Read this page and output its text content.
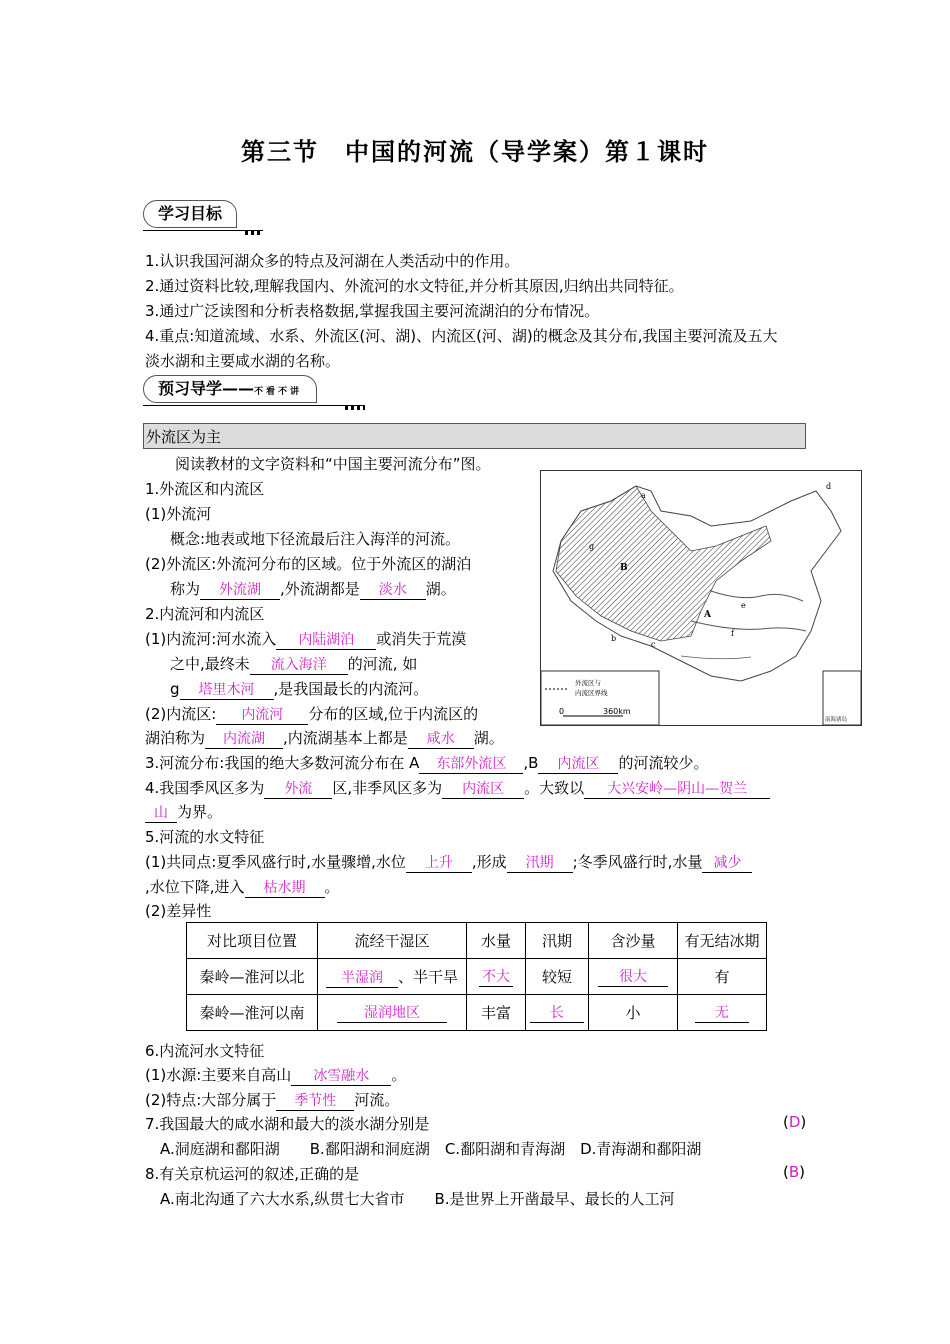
第三节　中国的河流（导学案）第１课时
学习目标
1.认识我国河湖众多的特点及河湖在人类活动中的作用。
2.通过资料比较,理解我国内、外流河的水文特征,并分析其原因,归纳出共同特征。
3.通过广泛读图和分析表格数据,掌握我国主要河流湖泊的分布情况。
4.重点:知道流域、水系、外流区(河、湖)、内流区(河、湖)的概念及其分布,我国主要河流及五大
淡水湖和主要咸水湖的名称。
预习导学——不看不讲
外流区为主
阅读教材的文字资料和“中国主要河流分布”图。
1.外流区和内流区
(1)外流河
概念:地表或地下径流最后注入海洋的河流。
(2)外流区:外流河分布的区域。位于外流区的湖泊
称为 外流湖 ,外流湖都是 淡水 湖。
2.内流河和内流区
(1)内流河:河水流入 内陆湖泊 或消失于荒漠
之中,最终未 流入海洋 的河流, 如
g 塔里木河 ,是我国最长的内流河。
(2)内流区: 内流河 分布的区域,位于内流区的
湖泊称为 内流湖 ,内流湖基本上都是 咸水 湖。
3.河流分布:我国的绝大多数河流分布在 A 东部外流区 ,B 内流区 的河流较少。
4.我国季风区多为 外流 区,非季风区多为 内流区 。大致以 大兴安岭—阴山—贺兰
山 为界。
5.河流的水文特征
(1)共同点:夏季风盛行时,水量骤增,水位 上升 ,形成 汛期 ;冬季风盛行时,水量 减少
,水位下降,进入 枯水期 。
(2)差异性
对比项目位置	流经干湿区	水量	汛期	含沙量	有无结冰期
秦岭—淮河以北	半湿润 、半干旱	不大	较短	很大	有
秦岭—淮河以南	湿润地区	丰富	长	小	无
6.内流河水文特征
(1)水源:主要来自高山 冰雪融水 。
(2)特点:大部分属于 季节性 河流。
7.我国最大的咸水湖和最大的淡水湖分别是	(D)
A.洞庭湖和鄱阳湖　　B.鄱阳湖和洞庭湖　C.鄱阳湖和青海湖　D.青海湖和鄱阳湖
8.有关京杭运河的叙述,正确的是	(B)
A.南北沟通了六大水系,纵贯七大省市　　B.是世界上开凿最早、最长的人工河
a
d
g
B
A
e
f
c
b
外流区与
内流区界线
0	360km
南海诸岛
